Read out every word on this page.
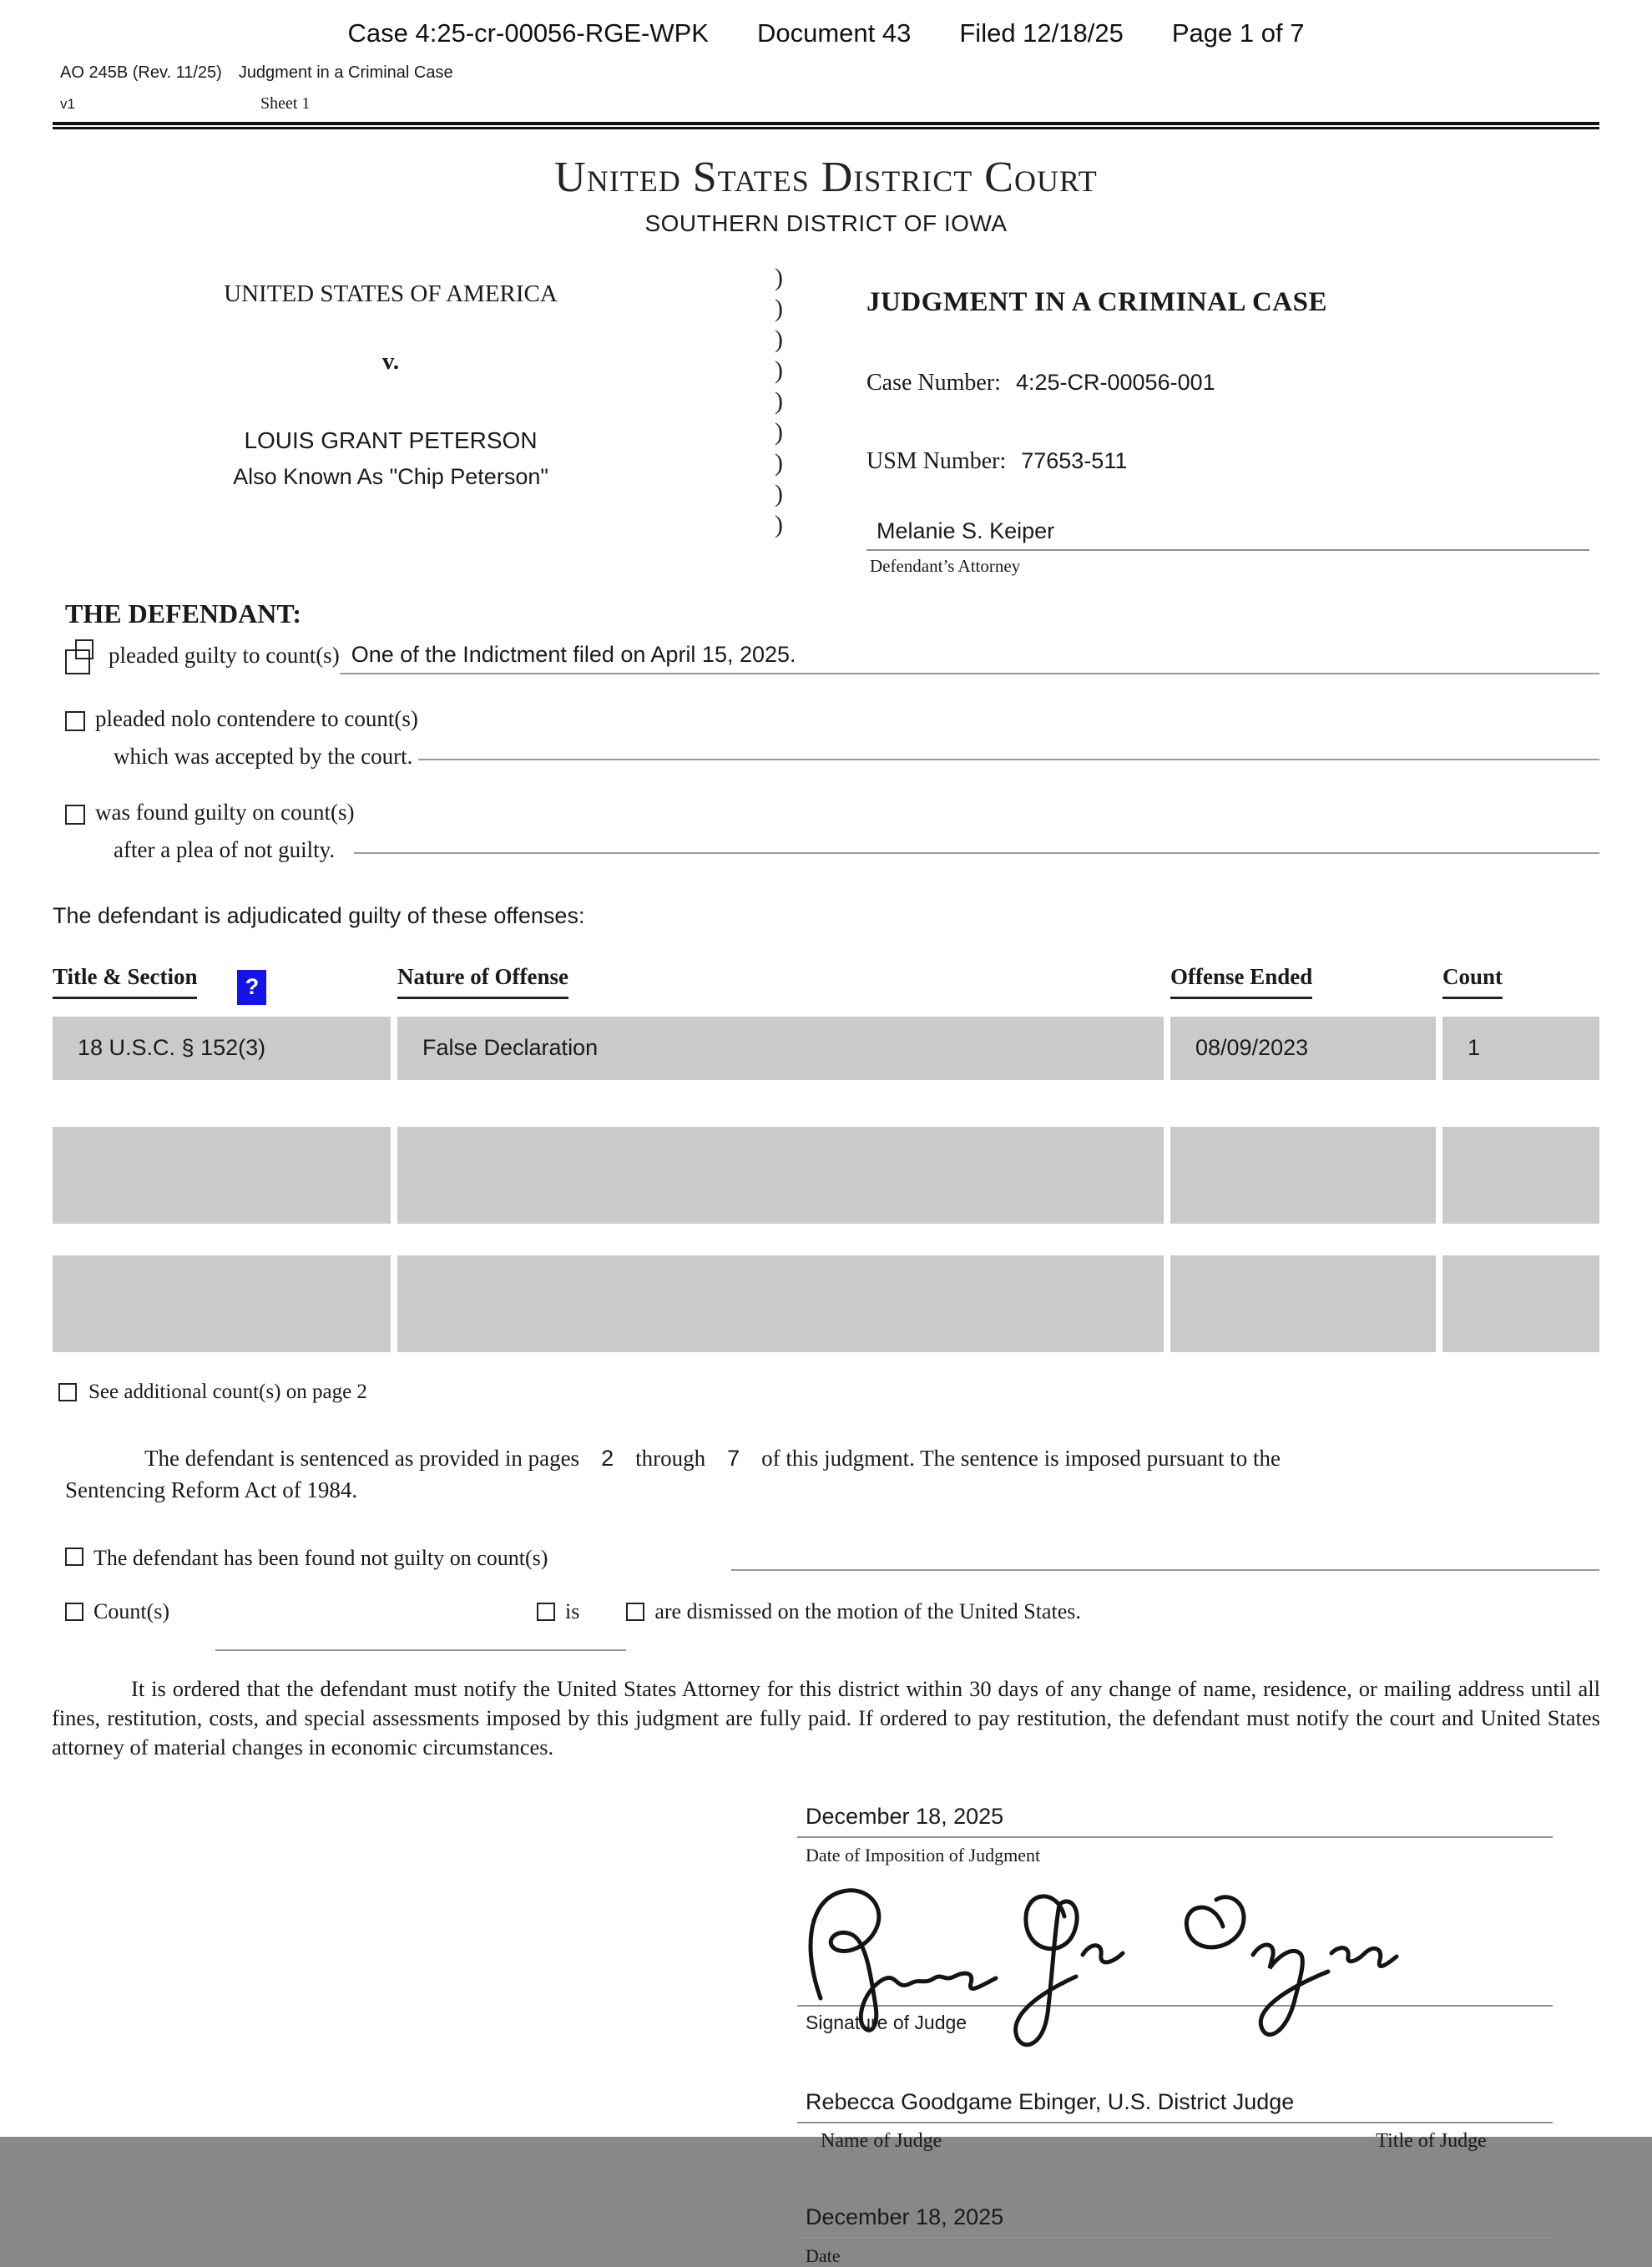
Case 4:25-cr-00056-RGE-WPK Document 43 Filed 12/18/25 Page 1 of 7
AO 245B (Rev. 11/25) Judgment in a Criminal Case
v1	Sheet 1
United States District Court
SOUTHERN DISTRICT OF IOWA
UNITED STATES OF AMERICA
v.
LOUIS GRANT PETERSON
Also Known As "Chip Peterson"
)
)
)
)
)
)
)
)
)
JUDGMENT IN A CRIMINAL CASE
Case Number: 4:25-CR-00056-001
USM Number: 77653-511
Melanie S. Keiper
Defendant’s Attorney
THE DEFENDANT:
pleaded guilty to count(s) One of the Indictment filed on April 15, 2025.
pleaded nolo contendere to count(s)
which was accepted by the court.
was found guilty on count(s)
after a plea of not guilty.
The defendant is adjudicated guilty of these offenses:
Title & Section ?	Nature of Offense	Offense Ended	Count
18 U.S.C. § 152(3)	False Declaration	08/09/2023	1
See additional count(s) on page 2
The defendant is sentenced as provided in pages 2 through 7 of this judgment. The sentence is imposed pursuant to the
Sentencing Reform Act of 1984.
The defendant has been found not guilty on count(s)
Count(s)	is	are dismissed on the motion of the United States.
It is ordered that the defendant must notify the United States Attorney for this district within 30 days of any change of name, residence, or mailing address until all fines, restitution, costs, and special assessments imposed by this judgment are fully paid. If ordered to pay restitution, the defendant must notify the court and United States attorney of material changes in economic circumstances.
December 18, 2025
Date of Imposition of Judgment
Signature of Judge
Rebecca Goodgame Ebinger, U.S. District Judge
Name of Judge	Title of Judge
December 18, 2025
Date
